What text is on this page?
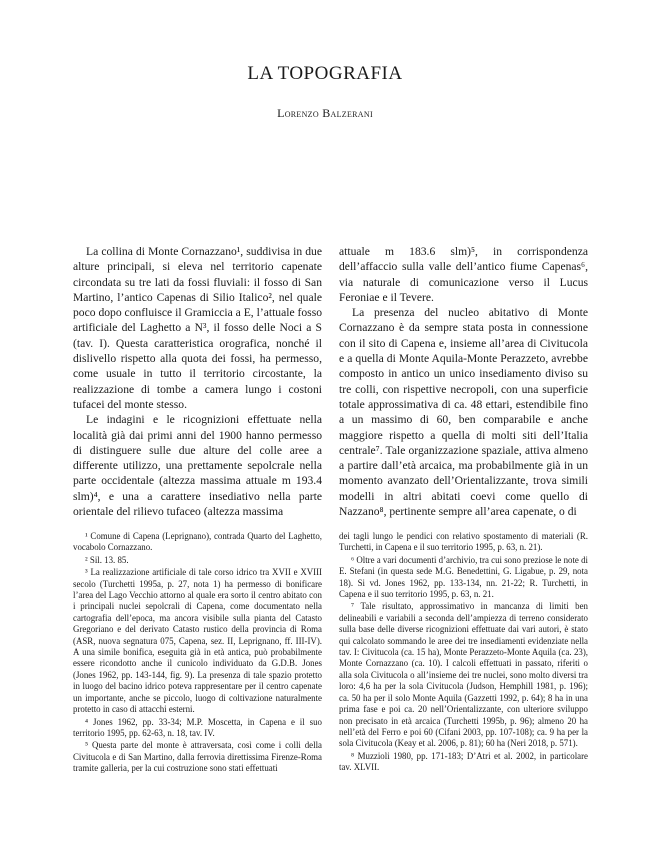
LA TOPOGRAFIA
Lorenzo Balzerani

La collina di Monte Cornazzano¹, suddivisa in due alture principali, si eleva nel territorio capenate circondata su tre lati da fossi fluviali: il fosso di San Martino, l’antico Capenas di Silio Italico², nel quale poco dopo confluisce il Gramiccia a E, l’attuale fosso artificiale del Laghetto a N³, il fosso delle Noci a S (tav. I). Questa caratteristica orografica, nonché il dislivello rispetto alla quota dei fossi, ha permesso, come usuale in tutto il territorio circostante, la realizzazione di tombe a camera lungo i costoni tufacei del monte stesso.

Le indagini e le ricognizioni effettuate nella località già dai primi anni del 1900 hanno permesso di distinguere sulle due alture del colle aree a differente utilizzo, una prettamente sepolcrale nella parte occidentale (altezza massima attuale m 193.4 slm)⁴, e una a carattere insediativo nella parte orientale del rilievo tufaceo (altezza massima

attuale m 183.6 slm)⁵, in corrispondenza dell’affaccio sulla valle dell’antico fiume Capenas⁶, via naturale di comunicazione verso il Lucus Feroniae e il Tevere.

La presenza del nucleo abitativo di Monte Cornazzano è da sempre stata posta in connessione con il sito di Capena e, insieme all’area di Civitucola e a quella di Monte Aquila-Monte Perazzeto, avrebbe composto in antico un unico insediamento diviso su tre colli, con rispettive necropoli, con una superficie totale approssimativa di ca. 48 ettari, estendibile fino a un massimo di 60, ben comparabile e anche maggiore rispetto a quella di molti siti dell’Italia centrale⁷. Tale organizzazione spaziale, attiva almeno a partire dall’età arcaica, ma probabilmente già in un momento avanzato dell’Orientalizzante, trova simili modelli in altri abitati coevi come quello di Nazzano⁸, pertinente sempre all’area capenate, o di

¹ Comune di Capena (Leprignano), contrada Quarto del Laghetto, vocabolo Cornazzano.

² Sil. 13. 85.

³ La realizzazione artificiale di tale corso idrico tra XVII e XVIII secolo (Turchetti 1995a, p. 27, nota 1) ha permesso di bonificare l’area del Lago Vecchio attorno al quale era sorto il centro abitato con i principali nuclei sepolcrali di Capena, come documentato nella cartografia dell’epoca, ma ancora visibile sulla pianta del Catasto Gregoriano e del derivato Catasto rustico della provincia di Roma (ASR, nuova segnatura 075, Capena, sez. II, Leprignano, ff. III-IV). A una simile bonifica, eseguita già in età antica, può probabilmente essere ricondotto anche il cunicolo individuato da G.D.B. Jones (Jones 1962, pp. 143-144, fig. 9). La presenza di tale spazio protetto in luogo del bacino idrico poteva rappresentare per il centro capenate un importante, anche se piccolo, luogo di coltivazione naturalmente protetto in caso di attacchi esterni.

⁴ Jones 1962, pp. 33-34; M.P. Moscetta, in Capena e il suo territorio 1995, pp. 62-63, n. 18, tav. IV.

⁵ Questa parte del monte è attraversata, così come i colli della Civitucola e di San Martino, dalla ferrovia direttissima Firenze-Roma tramite galleria, per la cui costruzione sono stati effettuati

dei tagli lungo le pendici con relativo spostamento di materiali (R. Turchetti, in Capena e il suo territorio 1995, p. 63, n. 21).

⁶ Oltre a vari documenti d’archivio, tra cui sono preziose le note di E. Stefani (in questa sede M.G. Benedettini, G. Ligabue, p. 29, nota 18). Si vd. Jones 1962, pp. 133-134, nn. 21-22; R. Turchetti, in Capena e il suo territorio 1995, p. 63, n. 21.

⁷ Tale risultato, approssimativo in mancanza di limiti ben delineabili e variabili a seconda dell’ampiezza di terreno considerato sulla base delle diverse ricognizioni effettuate dai vari autori, è stato qui calcolato sommando le aree dei tre insediamenti evidenziate nella tav. I: Civitucola (ca. 15 ha), Monte Perazzeto-Monte Aquila (ca. 23), Monte Cornazzano (ca. 10). I calcoli effettuati in passato, riferiti o alla sola Civitucola o all’insieme dei tre nuclei, sono molto diversi tra loro: 4,6 ha per la sola Civitucola (Judson, Hemphill 1981, p. 196); ca. 50 ha per il solo Monte Aquila (Gazzetti 1992, p. 64); 8 ha in una prima fase e poi ca. 20 nell’Orientalizzante, con ulteriore sviluppo non precisato in età arcaica (Turchetti 1995b, p. 96); almeno 20 ha nell’età del Ferro e poi 60 (Cifani 2003, pp. 107-108); ca. 9 ha per la sola Civitucola (Keay et al. 2006, p. 81); 60 ha (Neri 2018, p. 571).

⁸ Muzzioli 1980, pp. 171-183; D’Atri et al. 2002, in particolare tav. XLVII.
